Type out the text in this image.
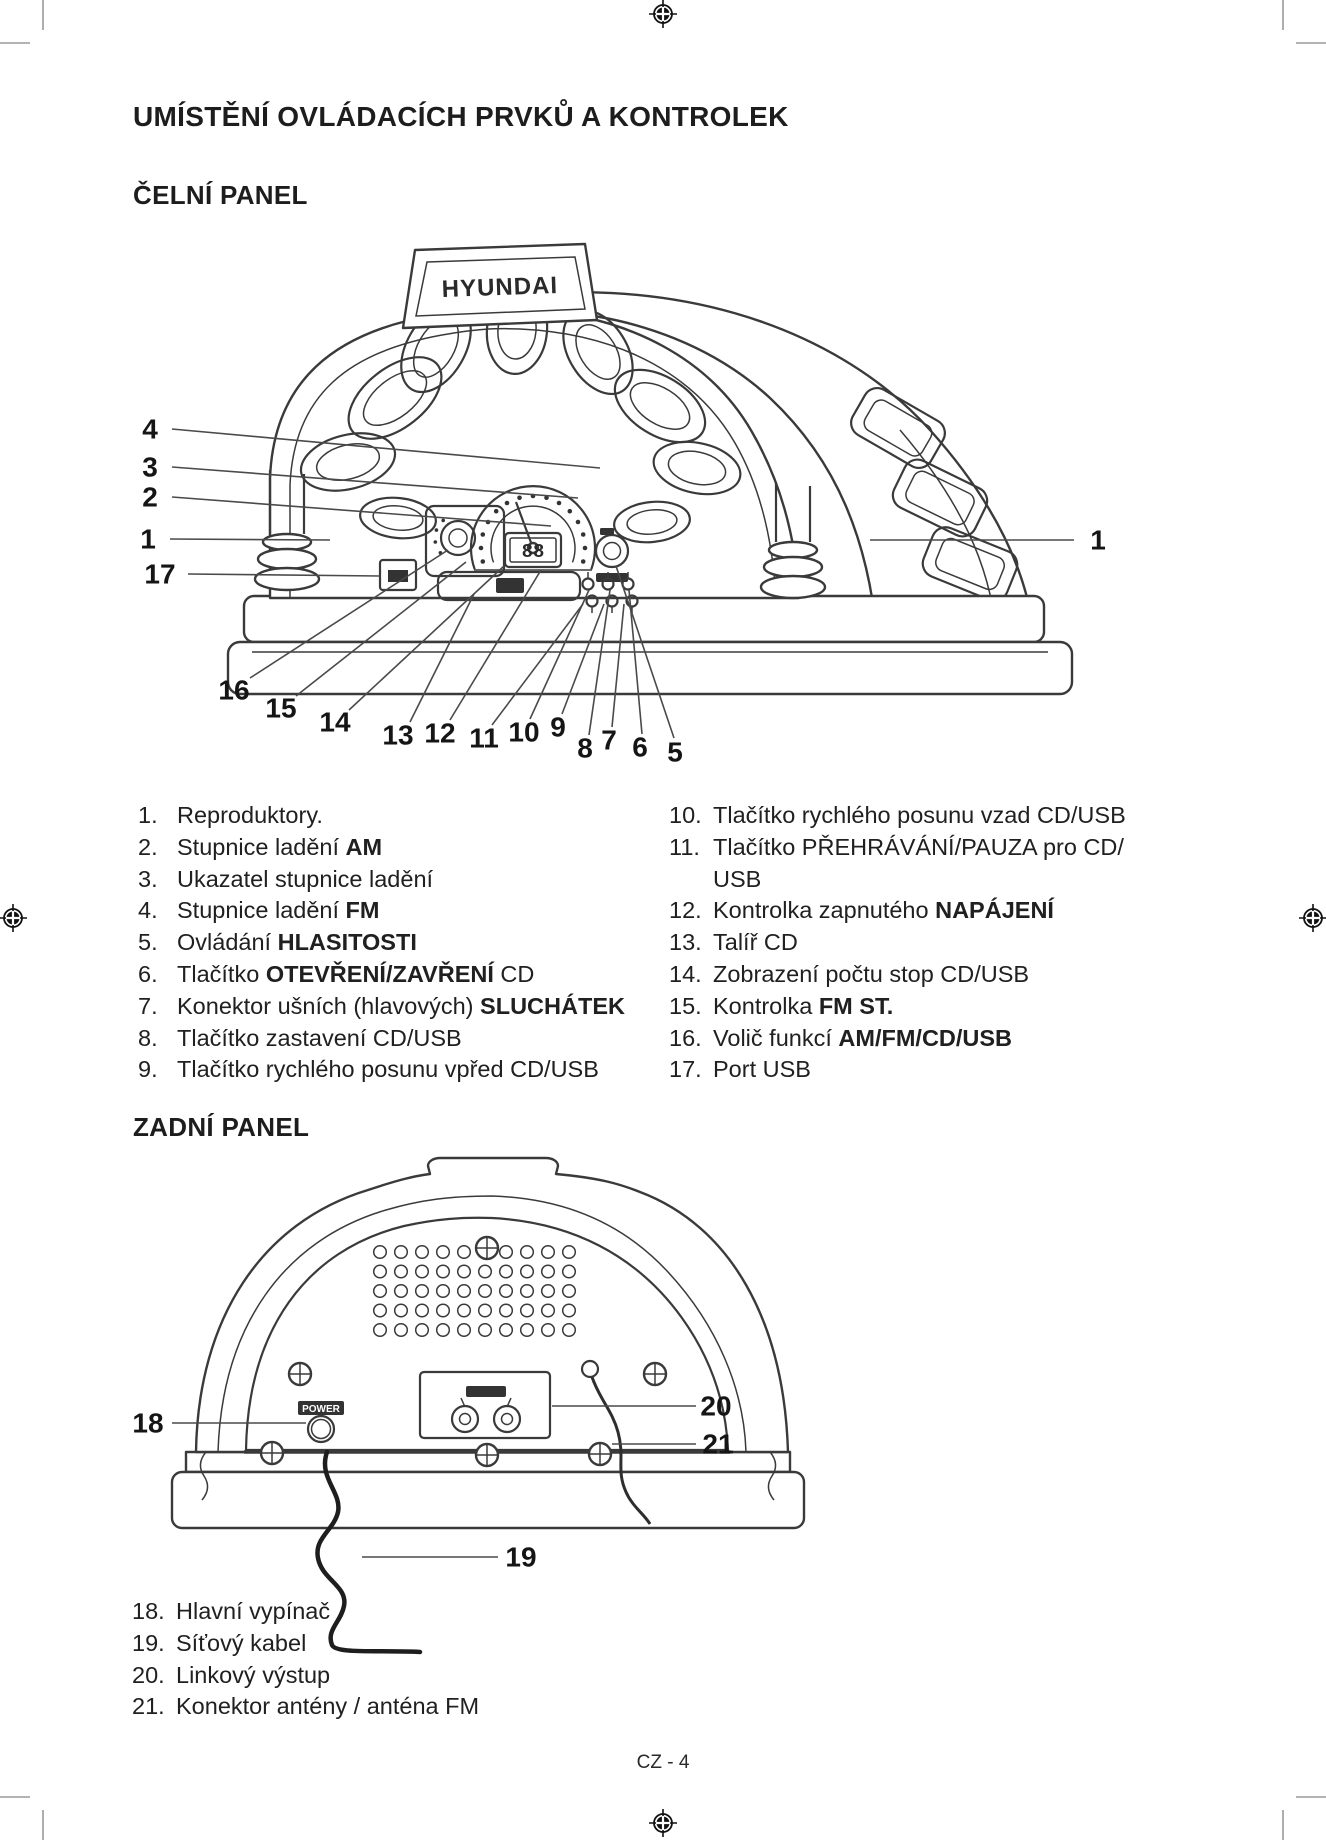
UMÍSTĚNÍ OVLÁDACÍCH PRVKŮ A KONTROLEK
ČELNÍ PANEL
HYUNDAI
88
4
3
2
1
17
1
16
15 14 13 12 11 10 9
8 7 6 5
1. Reproduktory.
2. Stupnice ladění AM
3. Ukazatel stupnice ladění
4. Stupnice ladění FM
5. Ovládání HLASITOSTI
6. Tlačítko OTEVŘENÍ/ZAVŘENÍ CD
7. Konektor ušních (hlavových) SLUCHÁTEK
8. Tlačítko zastavení CD/USB
9. Tlačítko rychlého posunu vpřed CD/USB
10. Tlačítko rychlého posunu vzad CD/USB
11. Tlačítko PŘEHRÁVÁNÍ/PAUZA pro CD/
USB
12. Kontrolka zapnutého NAPÁJENÍ
13. Talíř CD
14. Zobrazení počtu stop CD/USB
15. Kontrolka FM ST.
16. Volič funkcí AM/FM/CD/USB
17. Port USB
ZADNÍ PANEL
POWER
18
20
21
19
18. Hlavní vypínač
19. Síťový kabel
20. Linkový výstup
21. Konektor antény / anténa FM
CZ - 4
